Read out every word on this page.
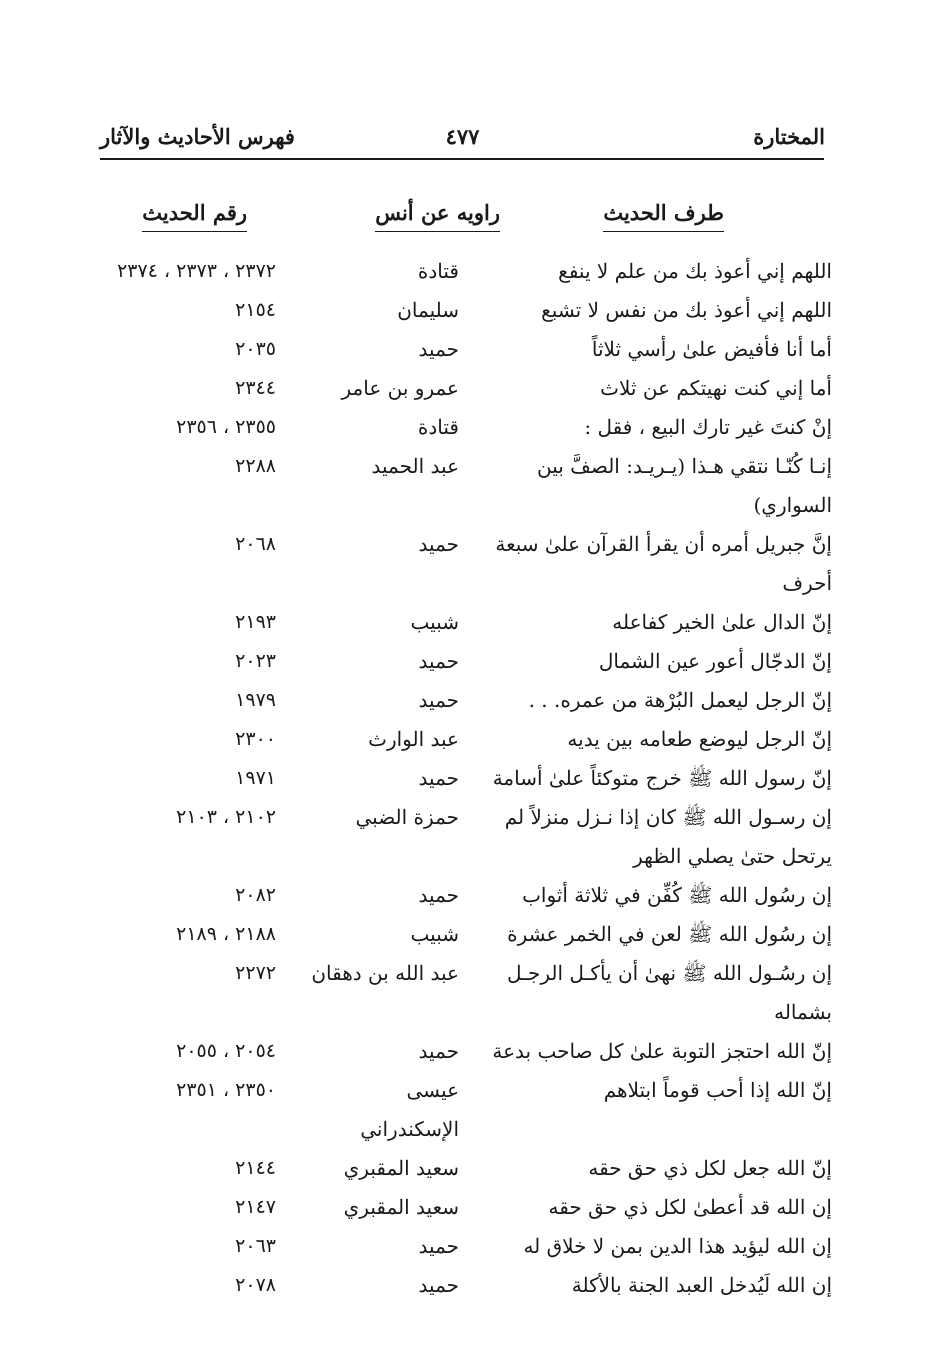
المختارة
٤٧٧
فهرس الأحاديث والآثار
طرف الحديث
راويه عن أنس
رقم الحديث
اللهم إني أعوذ بك من علم لا ينفع
قتادة
٢٣٧٢ ، ٢٣٧٣ ، ٢٣٧٤
اللهم إني أعوذ بك من نفس لا تشبع
سليمان
٢١٥٤
أما أنا فأفيض علىٰ رأسي ثلاثاً
حميد
٢٠٣٥
أما إني كنت نهيتكم عن ثلاث
عمرو بن عامر
٢٣٤٤
إنْ كنتَ غير تارك البيع ، فقل :
قتادة
٢٣٥٥ ، ٢٣٥٦
إنـا كُنّـا نتقي هـذا (يـريـد: الصفَّ بين السواري)
عبد الحميد
٢٢٨٨
إنَّ جبريل أمره أن يقرأ القرآن علىٰ سبعة أحرف
حميد
٢٠٦٨
إنّ الدال علىٰ الخير كفاعله
شبيب
٢١٩٣
إنّ الدجّال أعور عين الشمال
حميد
٢٠٢٣
إنّ الرجل ليعمل البُرْهة من عمره. . .
حميد
١٩٧٩
إنّ الرجل ليوضع طعامه بين يديه
عبد الوارث
٢٣٠٠
إنّ رسول الله ﷺ خرج متوكئاً علىٰ أسامة
حميد
١٩٧١
إن رسـول الله ﷺ كان إذا نـزل منزلاً لم يرتحل حتىٰ يصلي الظهر
حمزة الضبي
٢١٠٢ ، ٢١٠٣
إن رسُول الله ﷺ كُفِّن في ثلاثة أثواب
حميد
٢٠٨٢
إن رسُول الله ﷺ لعن في الخمر عشرة
شبيب
٢١٨٨ ، ٢١٨٩
إن رسُـول الله ﷺ نهىٰ أن يأكـل الرجـل بشماله
عبد الله بن دهقان
٢٢٧٢
إنّ الله احتجز التوبة علىٰ كل صاحب بدعة
حميد
٢٠٥٤ ، ٢٠٥٥
إنّ الله إذا أحب قوماً ابتلاهم
عيسى
الإسكندراني
٢٣٥٠ ، ٢٣٥١
إنّ الله جعل لكل ذي حق حقه
سعيد المقبري
٢١٤٤
إن الله قد أعطىٰ لكل ذي حق حقه
سعيد المقبري
٢١٤٧
إن الله ليؤيد هذا الدين بمن لا خلاق له
حميد
٢٠٦٣
إن الله لَيُدخل العبد الجنة بالأكلة
حميد
٢٠٧٨
